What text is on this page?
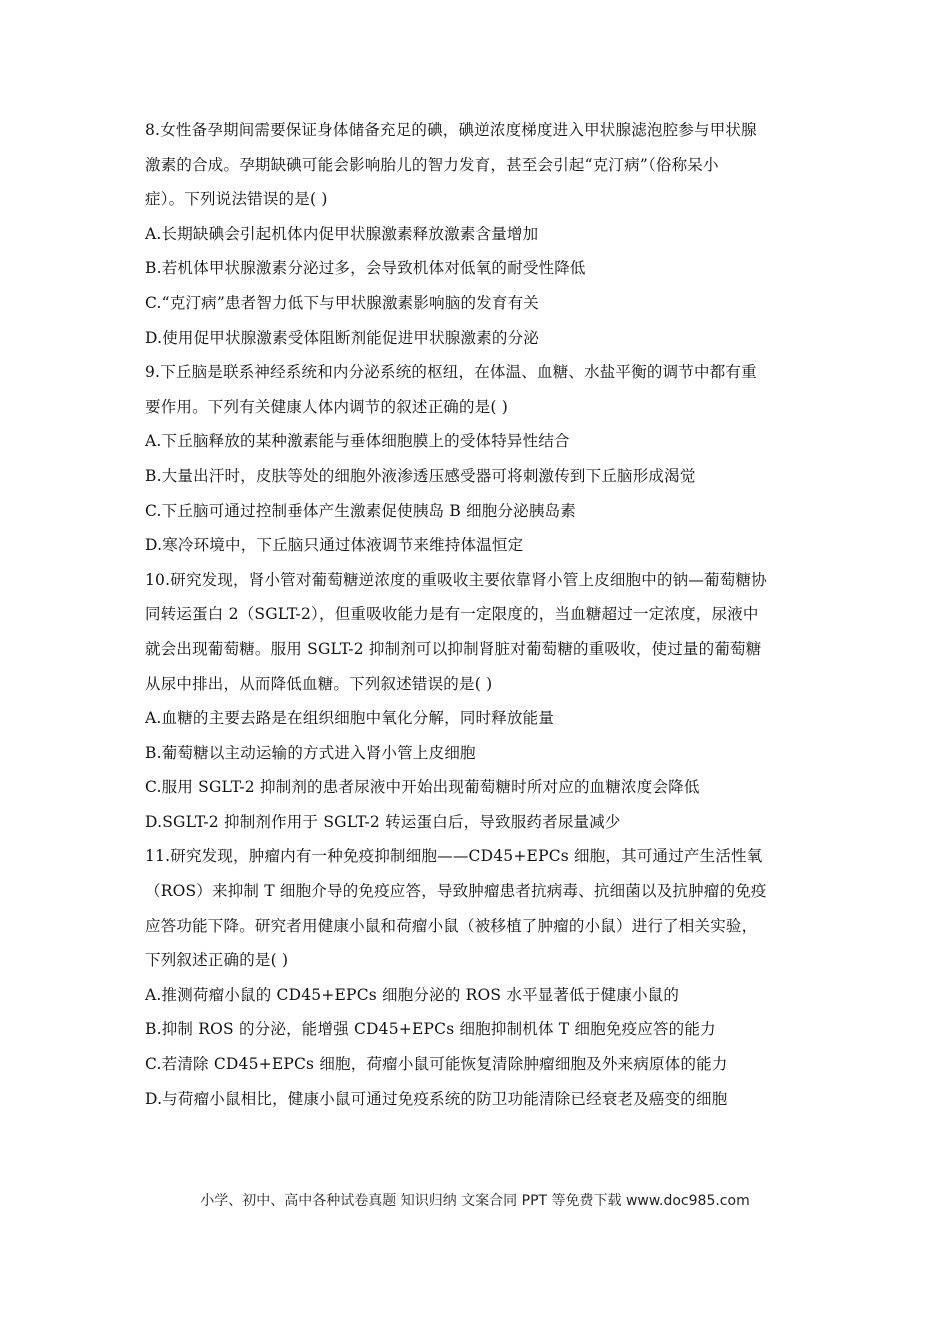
8.女性备孕期间需要保证身体储备充足的碘，碘逆浓度梯度进入甲状腺滤泡腔参与甲状腺
激素的合成。孕期缺碘可能会影响胎儿的智力发育，甚至会引起“克汀病”（俗称呆小
症）。下列说法错误的是( )
A.长期缺碘会引起机体内促甲状腺激素释放激素含量增加
B.若机体甲状腺激素分泌过多，会导致机体对低氧的耐受性降低
C.“克汀病”患者智力低下与甲状腺激素影响脑的发育有关
D.使用促甲状腺激素受体阻断剂能促进甲状腺激素的分泌
9.下丘脑是联系神经系统和内分泌系统的枢纽，在体温、血糖、水盐平衡的调节中都有重
要作用。下列有关健康人体内调节的叙述正确的是( )
A.下丘脑释放的某种激素能与垂体细胞膜上的受体特异性结合
B.大量出汗时，皮肤等处的细胞外液渗透压感受器可将刺激传到下丘脑形成渴觉
C.下丘脑可通过控制垂体产生激素促使胰岛 B 细胞分泌胰岛素
D.寒冷环境中，下丘脑只通过体液调节来维持体温恒定
10.研究发现，肾小管对葡萄糖逆浓度的重吸收主要依靠肾小管上皮细胞中的钠—葡萄糖协
同转运蛋白 2（SGLT-2），但重吸收能力是有一定限度的，当血糖超过一定浓度，尿液中
就会出现葡萄糖。服用 SGLT-2 抑制剂可以抑制肾脏对葡萄糖的重吸收，使过量的葡萄糖
从尿中排出，从而降低血糖。下列叙述错误的是( )
A.血糖的主要去路是在组织细胞中氧化分解，同时释放能量
B.葡萄糖以主动运输的方式进入肾小管上皮细胞
C.服用 SGLT-2 抑制剂的患者尿液中开始出现葡萄糖时所对应的血糖浓度会降低
D.SGLT-2 抑制剂作用于 SGLT-2 转运蛋白后，导致服药者尿量减少
11.研究发现，肿瘤内有一种免疫抑制细胞——CD45+EPCs 细胞，其可通过产生活性氧
（ROS）来抑制 T 细胞介导的免疫应答，导致肿瘤患者抗病毒、抗细菌以及抗肿瘤的免疫
应答功能下降。研究者用健康小鼠和荷瘤小鼠（被移植了肿瘤的小鼠）进行了相关实验，
下列叙述正确的是( )
A.推测荷瘤小鼠的 CD45+EPCs 细胞分泌的 ROS 水平显著低于健康小鼠的
B.抑制 ROS 的分泌，能增强 CD45+EPCs 细胞抑制机体 T 细胞免疫应答的能力
C.若清除 CD45+EPCs 细胞，荷瘤小鼠可能恢复清除肿瘤细胞及外来病原体的能力
D.与荷瘤小鼠相比，健康小鼠可通过免疫系统的防卫功能清除已经衰老及癌变的细胞
小学、初中、高中各种试卷真题 知识归纳 文案合同 PPT 等免费下载 www.doc985.com
